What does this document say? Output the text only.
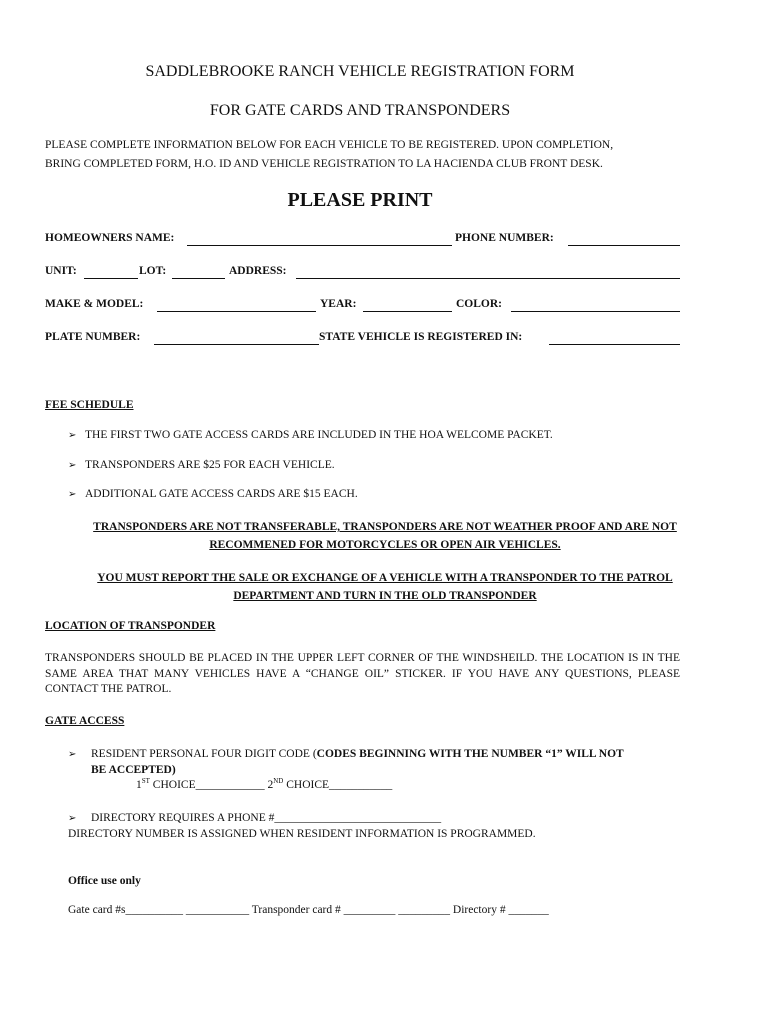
SADDLEBROOKE RANCH VEHICLE REGISTRATION FORM
FOR GATE CARDS AND TRANSPONDERS
PLEASE COMPLETE INFORMATION BELOW FOR EACH VEHICLE TO BE REGISTERED. UPON COMPLETION,
BRING COMPLETED FORM, H.O. ID AND VEHICLE REGISTRATION TO LA HACIENDA CLUB FRONT DESK.
PLEASE PRINT
HOMEOWNERS NAME:	PHONE NUMBER:
UNIT:	LOT:	ADDRESS:
MAKE & MODEL:	YEAR:	COLOR:
PLATE NUMBER:	STATE VEHICLE IS REGISTERED IN:
FEE SCHEDULE
➢ THE FIRST TWO GATE ACCESS CARDS ARE INCLUDED IN THE HOA WELCOME PACKET.
➢ TRANSPONDERS ARE $25 FOR EACH VEHICLE.
➢ ADDITIONAL GATE ACCESS CARDS ARE $15 EACH.
TRANSPONDERS ARE NOT TRANSFERABLE, TRANSPONDERS ARE NOT WEATHER PROOF AND ARE NOT RECOMMENED FOR MOTORCYCLES OR OPEN AIR VEHICLES.
YOU MUST REPORT THE SALE OR EXCHANGE OF A VEHICLE WITH A TRANSPONDER TO THE PATROL DEPARTMENT AND TURN IN THE OLD TRANSPONDER
LOCATION OF TRANSPONDER
TRANSPONDERS SHOULD BE PLACED IN THE UPPER LEFT CORNER OF THE WINDSHEILD. THE LOCATION IS IN THE SAME AREA THAT MANY VEHICLES HAVE A “CHANGE OIL” STICKER. IF YOU HAVE ANY QUESTIONS, PLEASE CONTACT THE PATROL.
GATE ACCESS
➢ RESIDENT PERSONAL FOUR DIGIT CODE (CODES BEGINNING WITH THE NUMBER “1” WILL NOT
BE ACCEPTED)
1ST CHOICE____________ 2ND CHOICE___________
➢ DIRECTORY REQUIRES A PHONE #_____________________________
DIRECTORY NUMBER IS ASSIGNED WHEN RESIDENT INFORMATION IS PROGRAMMED.
Office use only
Gate card #s__________ ___________ Transponder card # _________ _________ Directory # _______
